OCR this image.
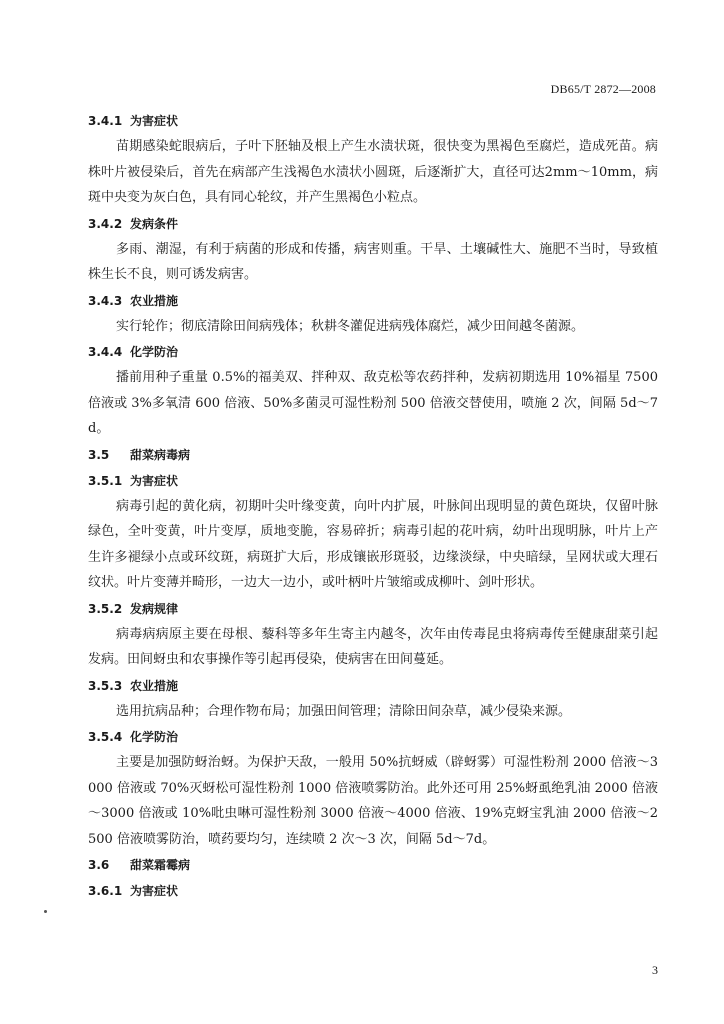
DB65/T 2872—2008
3.4.1 为害症状

苗期感染蛇眼病后，子叶下胚轴及根上产生水渍状斑，很快变为黑褐色至腐烂，造成死苗。病株叶片被侵染后，首先在病部产生浅褐色水渍状小圆斑，后逐渐扩大，直径可达2mm～10mm，病斑中央变为灰白色，具有同心轮纹，并产生黑褐色小粒点。

3.4.2 发病条件

多雨、潮湿，有利于病菌的形成和传播，病害则重。干旱、土壤碱性大、施肥不当时，导致植株生长不良，则可诱发病害。

3.4.3 农业措施

实行轮作；彻底清除田间病残体；秋耕冬灌促进病残体腐烂，减少田间越冬菌源。

3.4.4 化学防治

播前用种子重量 0.5%的福美双、拌种双、敌克松等农药拌种，发病初期选用 10%福星 7500 倍液或 3%多氧清 600 倍液、50%多菌灵可湿性粉剂 500 倍液交替使用，喷施 2 次，间隔 5d～7d。

3.5 甜菜病毒病
3.5.1 为害症状

病毒引起的黄化病，初期叶尖叶缘变黄，向叶内扩展，叶脉间出现明显的黄色斑块，仅留叶脉绿色，全叶变黄，叶片变厚，质地变脆，容易碎折；病毒引起的花叶病，幼叶出现明脉，叶片上产生许多褪绿小点或环纹斑，病斑扩大后，形成镶嵌形斑驳，边缘淡绿，中央暗绿，呈网状或大理石纹状。叶片变薄并畸形，一边大一边小，或叶柄叶片皱缩或成柳叶、剑叶形状。

3.5.2 发病规律

病毒病病原主要在母根、藜科等多年生寄主内越冬，次年由传毒昆虫将病毒传至健康甜菜引起发病。田间蚜虫和农事操作等引起再侵染，使病害在田间蔓延。

3.5.3 农业措施

选用抗病品种；合理作物布局；加强田间管理；清除田间杂草，减少侵染来源。

3.5.4 化学防治

主要是加强防蚜治蚜。为保护天敌，一般用 50%抗蚜威（辟蚜雾）可湿性粉剂 2000 倍液～3000 倍液或 70%灭蚜松可湿性粉剂 1000 倍液喷雾防治。此外还可用 25%蚜虱绝乳油 2000 倍液～3000 倍液或 10%吡虫啉可湿性粉剂 3000 倍液～4000 倍液、19%克蚜宝乳油 2000 倍液～2500 倍液喷雾防治，喷药要均匀，连续喷 2 次～3 次，间隔 5d～7d。

3.6 甜菜霜霉病
3.6.1 为害症状
3
